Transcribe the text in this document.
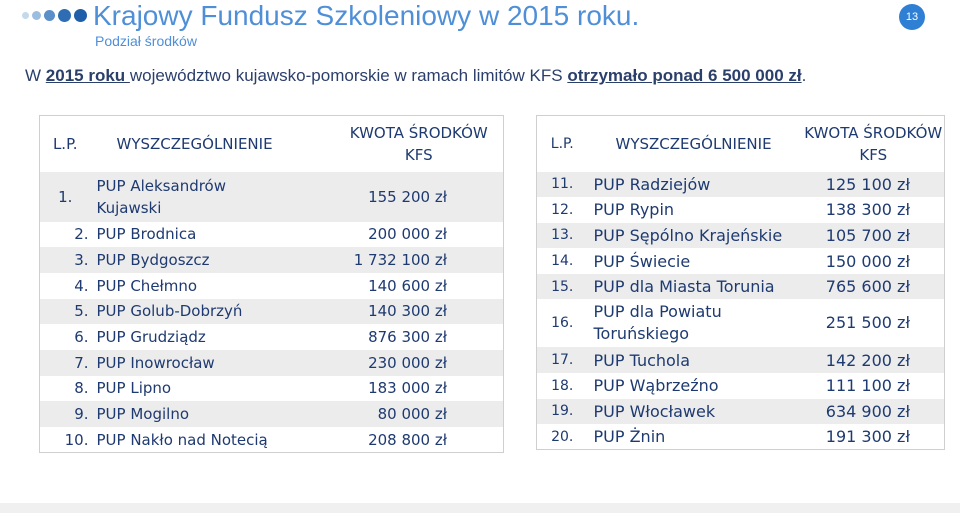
Krajowy Fundusz Szkoleniowy w 2015 roku.
Podział środków
13

W 2015 roku województwo kujawsko-pomorskie w ramach limitów KFS otrzymało ponad 6 500 000 zł.

L.P.	WYSZCZEGÓLNIENIE	KWOTA ŚRODKÓW
KFS
1.	PUP Aleksandrów
Kujawski	155 200 zł
2.	PUP Brodnica	200 000 zł
3.	PUP Bydgoszcz	1 732 100 zł
4.	PUP Chełmno	140 600 zł
5.	PUP Golub-Dobrzyń	140 300 zł
6.	PUP Grudziądz	876 300 zł
7.	PUP Inowrocław	230 000 zł
8.	PUP Lipno	183 000 zł
9.	PUP Mogilno	80 000 zł
10.	PUP Nakło nad Notecią	208 800 zł
L.P.	WYSZCZEGÓLNIENIE	KWOTA ŚRODKÓW
KFS
11.	PUP Radziejów	125 100 zł
12.	PUP Rypin	138 300 zł
13.	PUP Sępólno Krajeńskie	105 700 zł
14.	PUP Świecie	150 000 zł
15.	PUP dla Miasta Torunia	765 600 zł
16.	PUP dla Powiatu
Toruńskiego	251 500 zł
17.	PUP Tuchola	142 200 zł
18.	PUP Wąbrzeźno	111 100 zł
19.	PUP Włocławek	634 900 zł
20.	PUP Żnin	191 300 zł
